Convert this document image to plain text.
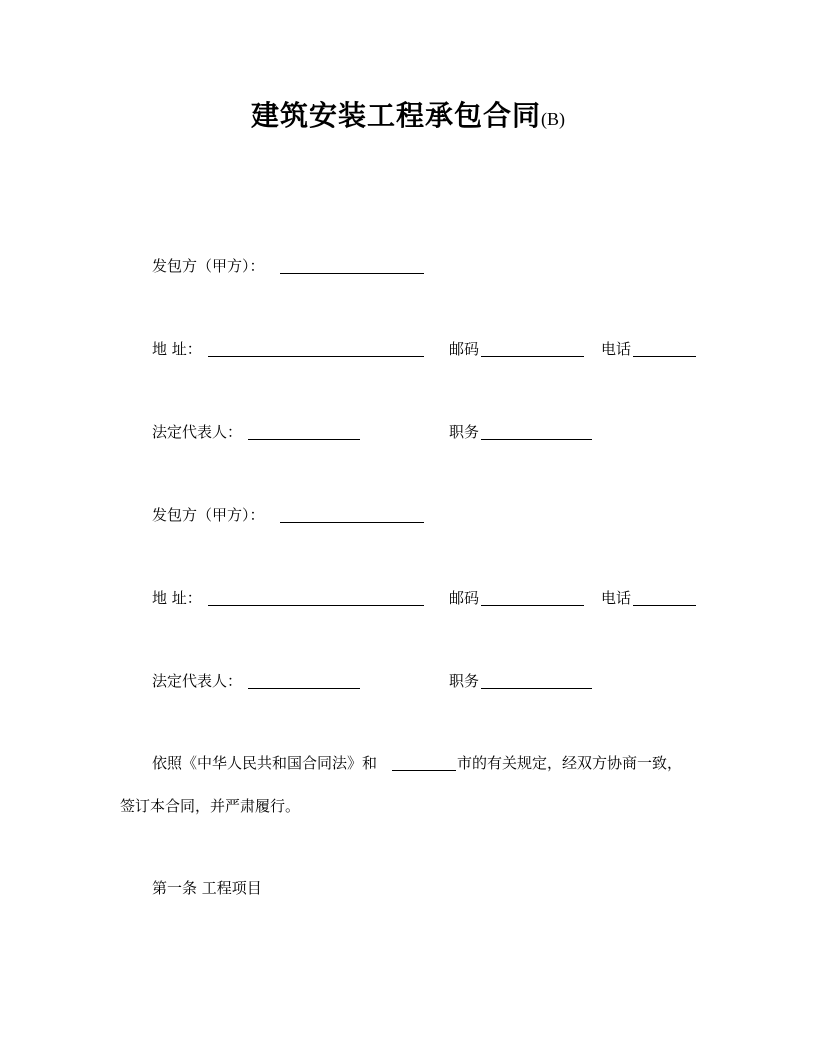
建筑安装工程承包合同(B)
发包方（甲方）：
地 址：	邮码	电话
法定代表人：	职务
发包方（甲方）：
地 址：	邮码	电话
法定代表人：	职务
依照《中华人民共和国合同法》和	市的有关规定，经双方协商一致，
签订本合同，并严肃履行。
第一条 工程项目
